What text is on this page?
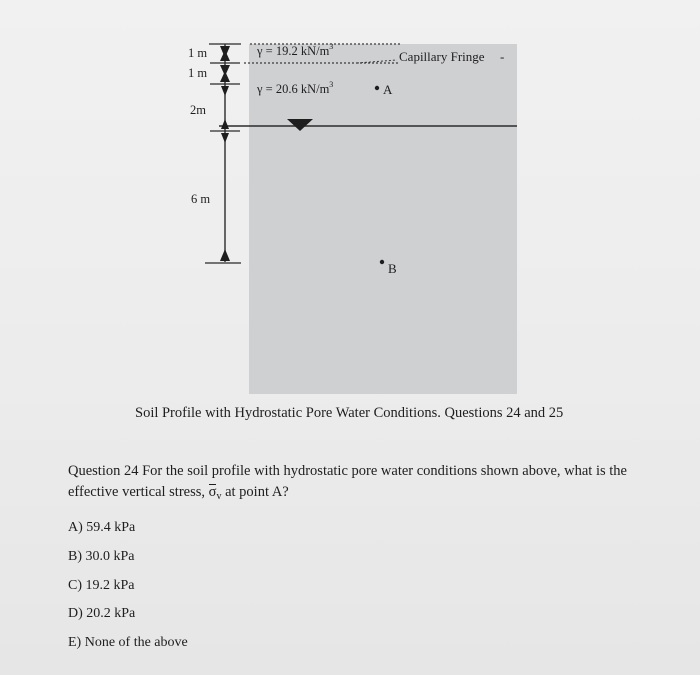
1 m
1 m
2m
6 m
γ = 19.2 $kN/m^3$
γ = 20.6 $kN/m^3$
Capillary Fringe -
A
B
Soil Profile with Hydrostatic Pore Water Conditions. Questions 24 and 25
Question 24 For the soil profile with hydrostatic pore water conditions shown above, what is the effective vertical stress, $\sigma_v$ at point A?
A) 59.4 kPa
B) 30.0 kPa
C) 19.2 kPa
D) 20.2 kPa
E) None of the above
